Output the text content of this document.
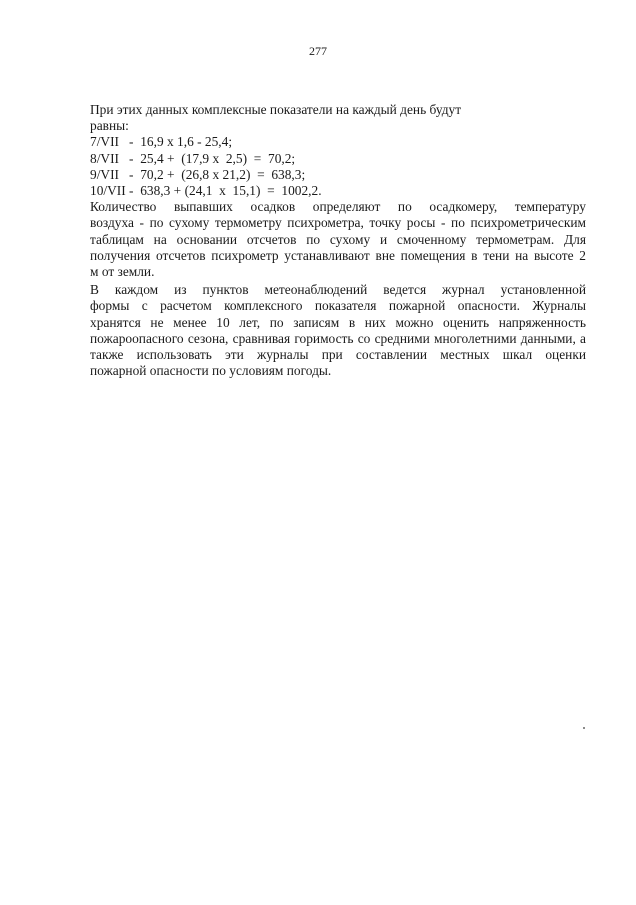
277
При этих данных комплексные показатели на каждый день будут
равны:
7/VII   -  16,9 х 1,6 - 25,4;
8/VII   -  25,4 +  (17,9 х  2,5)  =  70,2;
9/VII   -  70,2 +  (26,8 х 21,2)  =  638,3;
10/VII -  638,3 + (24,1  х  15,1)  =  1002,2.
Количество выпавших осадков определяют по осадкомеру, температуру
воздуха - по сухому термометру психрометра, точку росы - по психрометрическим
таблицам на основании отсчетов по сухому и смоченному термометрам. Для
получения отсчетов психрометр устанавливают вне помещения в тени на высоте 2
м от земли.
В каждом из пунктов метеонаблюдений ведется журнал установленной
формы с расчетом комплексного показателя пожарной опасности. Журналы
хранятся не менее 10 лет, по записям в них можно оценить напряженность
пожароопасного сезона, сравнивая горимость со средними многолетними данными, а
также использовать эти журналы при составлении местных шкал оценки
пожарной опасности по условиям погоды.
